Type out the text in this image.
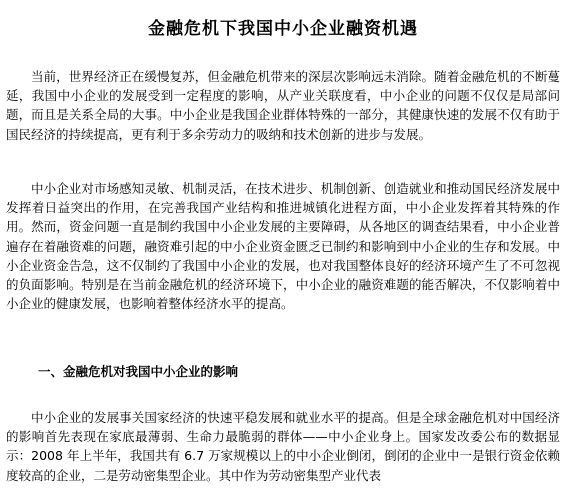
金融危机下我国中小企业融资机遇

当前，世界经济正在缓慢复苏，但金融危机带来的深层次影响远未消除。随着金融危机的不断蔓延，我国中小企业的发展受到一定程度的影响，从产业关联度看，中小企业的问题不仅仅是局部问题，而且是关系全局的大事。中小企业是我国企业群体特殊的一部分，其健康快速的发展不仅有助于国民经济的持续提高，更有利于多余劳动力的吸纳和技术创新的进步与发展。

中小企业对市场感知灵敏、机制灵活，在技术进步、机制创新、创造就业和推动国民经济发展中发挥着日益突出的作用，在完善我国产业结构和推进城镇化进程方面，中小企业发挥着其特殊的作用。然而，资金问题一直是制约我国中小企业发展的主要障碍，从各地区的调查结果看，中小企业普遍存在着融资难的问题，融资难引起的中小企业资金匮乏已制约和影响到中小企业的生存和发展。中小企业资金告急，这不仅制约了我国中小企业的发展，也对我国整体良好的经济环境产生了不可忽视的负面影响。特别是在当前金融危机的经济环境下，中小企业的融资难题的能否解决，不仅影响着中小企业的健康发展，也影响着整体经济水平的提高。

一、金融危机对我国中小企业的影响

中小企业的发展事关国家经济的快速平稳发展和就业水平的提高。但是全球金融危机对中国经济的影响首先表现在家底最薄弱、生命力最脆弱的群体——中小企业身上。国家发改委公布的数据显示：2008 年上半年，我国共有 6.7 万家规模以上的中小企业倒闭，倒闭的企业中一是银行资金依赖度较高的企业，二是劳动密集型企业。其中作为劳动密集型产业代表
